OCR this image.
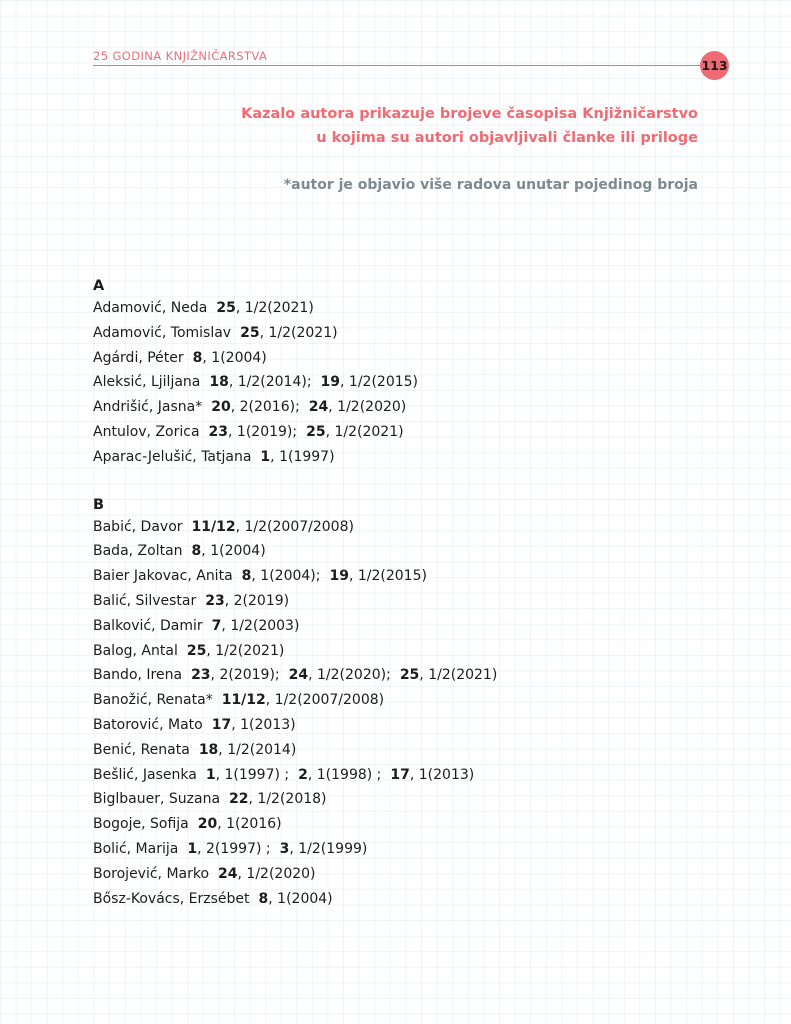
25 GODINA KNJIŽNIČARSTVA
113
Kazalo autora prikazuje brojeve časopisa Knjižničarstvo
u kojima su autori objavljivali članke ili priloge
*autor je objavio više radova unutar pojedinog broja
A
Adamović, Neda 25, 1/2(2021)
Adamović, Tomislav 25, 1/2(2021)
Agárdi, Péter 8, 1(2004)
Aleksić, Ljiljana 18, 1/2(2014); 19, 1/2(2015)
Andrišić, Jasna* 20, 2(2016); 24, 1/2(2020)
Antulov, Zorica 23, 1(2019); 25, 1/2(2021)
Aparac-Jelušić, Tatjana 1, 1(1997)
B
Babić, Davor 11/12, 1/2(2007/2008)
Bada, Zoltan 8, 1(2004)
Baier Jakovac, Anita 8, 1(2004); 19, 1/2(2015)
Balić, Silvestar 23, 2(2019)
Balković, Damir 7, 1/2(2003)
Balog, Antal 25, 1/2(2021)
Bando, Irena 23, 2(2019); 24, 1/2(2020); 25, 1/2(2021)
Banožić, Renata* 11/12, 1/2(2007/2008)
Batorović, Mato 17, 1(2013)
Benić, Renata 18, 1/2(2014)
Bešlić, Jasenka 1, 1(1997) ; 2, 1(1998) ; 17, 1(2013)
Biglbauer, Suzana 22, 1/2(2018)
Bogoje, Sofija 20, 1(2016)
Bolić, Marija 1, 2(1997) ; 3, 1/2(1999)
Borojević, Marko 24, 1/2(2020)
Bősz-Kovács, Erzsébet 8, 1(2004)
